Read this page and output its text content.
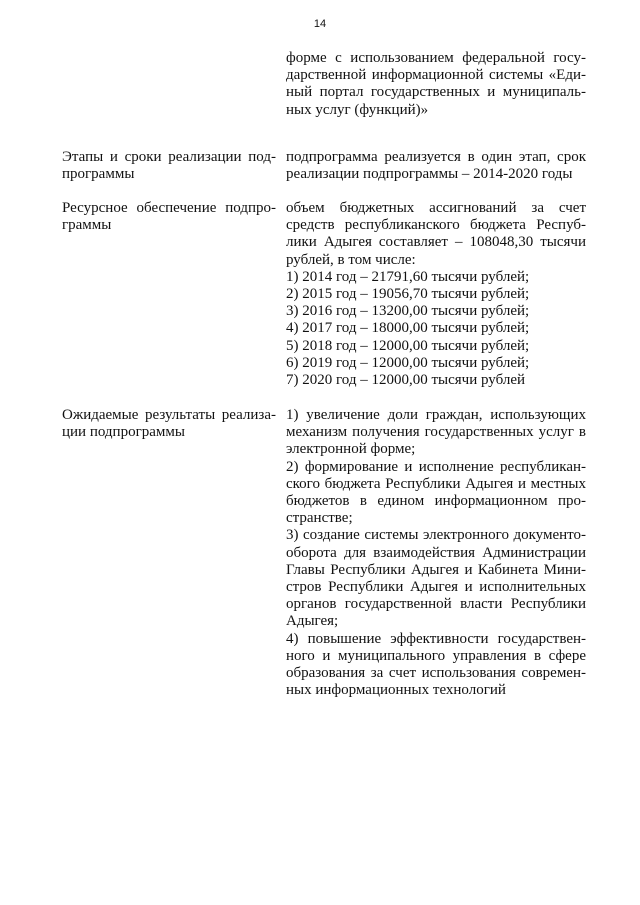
14
форме с использованием федеральной госу-
дарственной информационной системы «Еди-
ный портал государственных и муниципаль-
ных услуг (функций)»
Этапы и сроки реализации под-
программы
подпрограмма реализуется в один этап, срок
реализации подпрограммы – 2014-2020 годы
Ресурсное обеспечение подпро-
граммы
объем бюджетных ассигнований за счет
средств республиканского бюджета Респуб-
лики Адыгея составляет – 108048,30 тысячи
рублей, в том числе:
1) 2014 год – 21791,60 тысячи рублей;
2) 2015 год – 19056,70 тысячи рублей;
3) 2016 год – 13200,00 тысячи рублей;
4) 2017 год – 18000,00 тысячи рублей;
5) 2018 год – 12000,00 тысячи рублей;
6) 2019 год – 12000,00 тысячи рублей;
7) 2020 год – 12000,00 тысячи рублей
Ожидаемые результаты реализа-
ции подпрограммы
1) увеличение доли граждан, использующих
механизм получения государственных услуг в
электронной форме;
2) формирование и исполнение республикан-
ского бюджета Республики Адыгея и местных
бюджетов в едином информационном про-
странстве;
3) создание системы электронного документо-
оборота для взаимодействия Администрации
Главы Республики Адыгея и Кабинета Мини-
стров Республики Адыгея и исполнительных
органов государственной власти Республики
Адыгея;
4) повышение эффективности государствен-
ного и муниципального управления в сфере
образования за счет использования современ-
ных информационных технологий
